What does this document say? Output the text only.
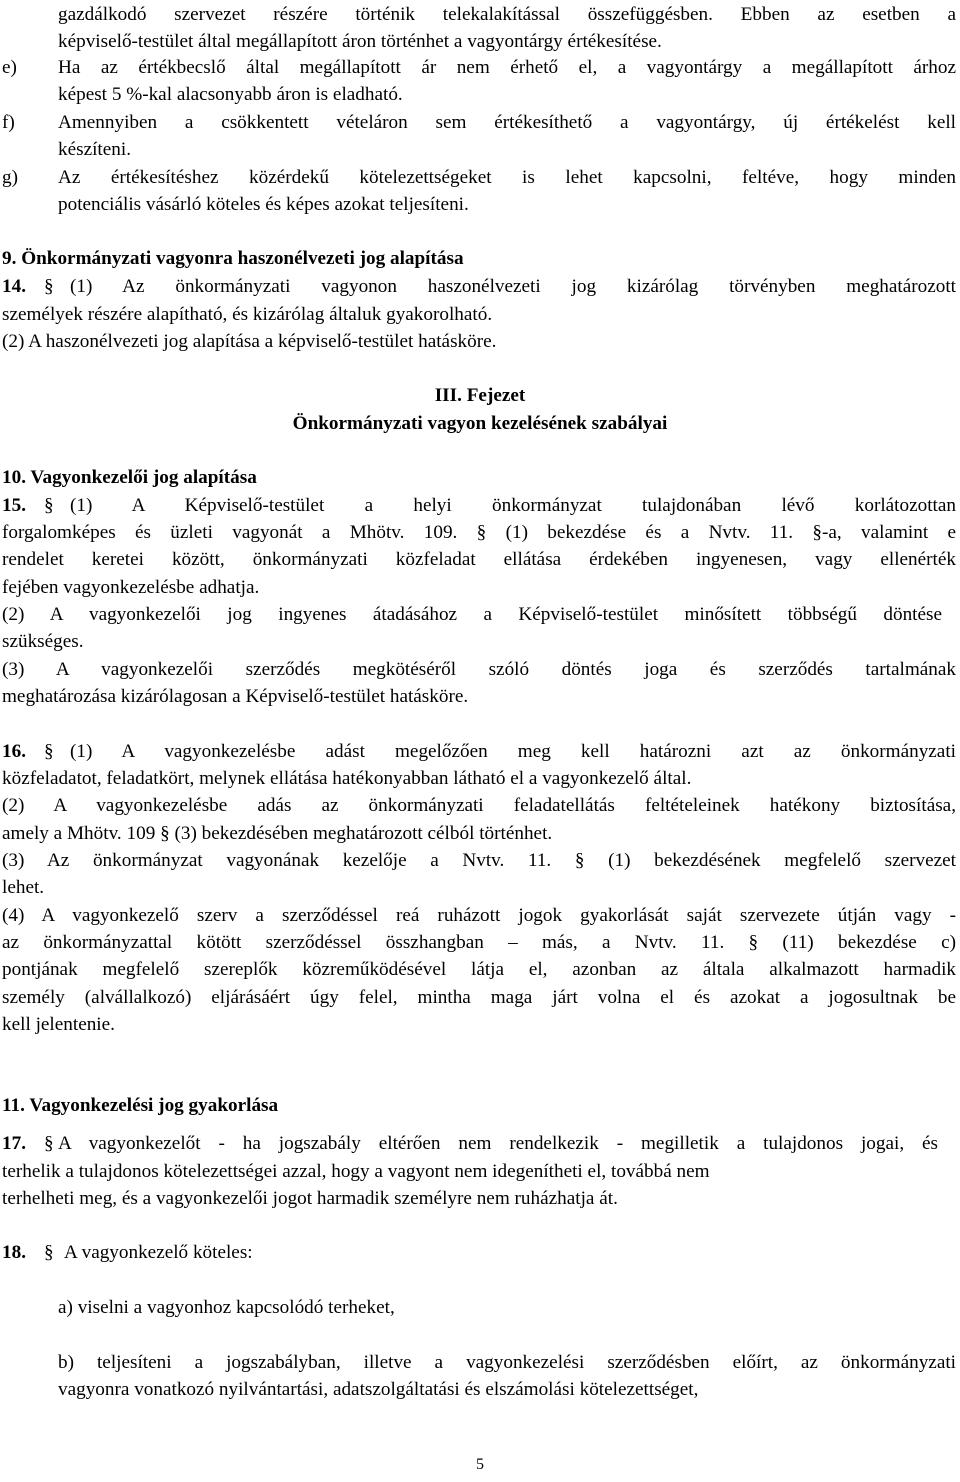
gazdálkodó szervezet részére történik telekalakítással összefüggésben. Ebben az esetben a
képviselő-testület által megállapított áron történhet a vagyontárgy értékesítése.
e) Ha az értékbecslő által megállapított ár nem érhető el, a vagyontárgy a megállapított árhoz
képest 5 %-kal alacsonyabb áron is eladható.
f) Amennyiben a csökkentett vételáron sem értékesíthető a vagyontárgy, új értékelést kell
készíteni.
g) Az értékesítéshez közérdekű kötelezettségeket is lehet kapcsolni, feltéve, hogy minden
potenciális vásárló köteles és képes azokat teljesíteni.
9. Önkormányzati vagyonra haszonélvezeti jog alapítása
14. § (1) Az önkormányzati vagyonon haszonélvezeti jog kizárólag törvényben meghatározott
személyek részére alapítható, és kizárólag általuk gyakorolható.
(2) A haszonélvezeti jog alapítása a képviselő-testület hatásköre.
III. Fejezet
Önkormányzati vagyon kezelésének szabályai
10. Vagyonkezelői jog alapítása
15. § (1) A Képviselő-testület a helyi önkormányzat tulajdonában lévő korlátozottan
forgalomképes és üzleti vagyonát a Mhötv. 109. § (1) bekezdése és a Nvtv. 11. §-a, valamint e
rendelet keretei között, önkormányzati közfeladat ellátása érdekében ingyenesen, vagy ellenérték
fejében vagyonkezelésbe adhatja.
(2) A vagyonkezelői jog ingyenes átadásához a Képviselő-testület minősített többségű döntése
szükséges.
(3) A vagyonkezelői szerződés megkötéséről szóló döntés joga és szerződés tartalmának
meghatározása kizárólagosan a Képviselő-testület hatásköre.
16. § (1) A vagyonkezelésbe adást megelőzően meg kell határozni azt az önkormányzati
közfeladatot, feladatkört, melynek ellátása hatékonyabban látható el a vagyonkezelő által.
(2) A vagyonkezelésbe adás az önkormányzati feladatellátás feltételeinek hatékony biztosítása,
amely a Mhötv. 109 § (3) bekezdésében meghatározott célból történhet.
(3) Az önkormányzat vagyonának kezelője a Nvtv. 11. § (1) bekezdésének megfelelő szervezet
lehet.
(4) A vagyonkezelő szerv a szerződéssel reá ruházott jogok gyakorlását saját szervezete útján vagy -
az önkormányzattal kötött szerződéssel összhangban – más, a Nvtv. 11. § (11) bekezdése c)
pontjának megfelelő szereplők közreműködésével látja el, azonban az általa alkalmazott harmadik
személy (alvállalkozó) eljárásáért úgy felel, mintha maga járt volna el és azokat a jogosultnak be
kell jelentenie.
11. Vagyonkezelési jog gyakorlása
17. § A vagyonkezelőt - ha jogszabály eltérően nem rendelkezik - megilletik a tulajdonos jogai, és
terhelik a tulajdonos kötelezettségei azzal, hogy a vagyont nem idegenítheti el, továbbá nem
terhelheti meg, és a vagyonkezelői jogot harmadik személyre nem ruházhatja át.
18. § A vagyonkezelő köteles:
a) viselni a vagyonhoz kapcsolódó terheket,
b) teljesíteni a jogszabályban, illetve a vagyonkezelési szerződésben előírt, az önkormányzati
vagyonra vonatkozó nyilvántartási, adatszolgáltatási és elszámolási kötelezettséget,
5
